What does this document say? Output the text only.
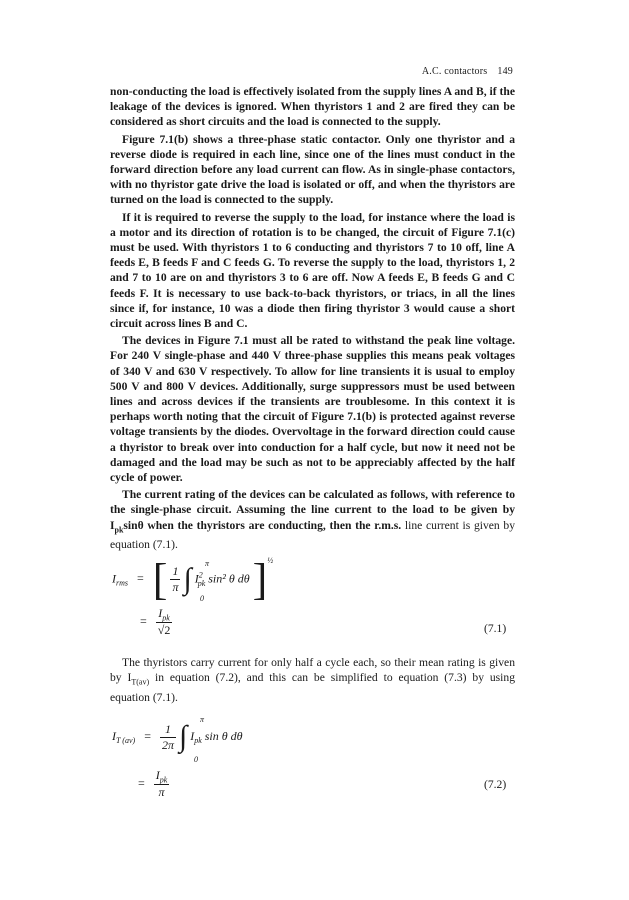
A.C. contactors 149

non-conducting the load is effectively isolated from the supply lines A and B, if the leakage of the devices is ignored. When thyristors 1 and 2 are fired they can be considered as short circuits and the load is connected to the supply.

Figure 7.1(b) shows a three-phase static contactor. Only one thyristor and a reverse diode is required in each line, since one of the lines must conduct in the forward direction before any load current can flow. As in single-phase contactors, with no thyristor gate drive the load is isolated or off, and when the thyristors are turned on the load is connected to the supply.

If it is required to reverse the supply to the load, for instance where the load is a motor and its direction of rotation is to be changed, the circuit of Figure 7.1(c) must be used. With thyristors 1 to 6 conducting and thyristors 7 to 10 off, line A feeds E, B feeds F and C feeds G. To reverse the supply to the load, thyristors 1, 2 and 7 to 10 are on and thyristors 3 to 6 are off. Now A feeds E, B feeds G and C feeds F. It is necessary to use back-to-back thyristors, or triacs, in all the lines since if, for instance, 10 was a diode then firing thyristor 3 would cause a short circuit across lines B and C.

The devices in Figure 7.1 must all be rated to withstand the peak line voltage. For 240 V single-phase and 440 V three-phase supplies this means peak voltages of 340 V and 630 V respectively. To allow for line transients it is usual to employ 500 V and 800 V devices. Additionally, surge suppressors must be used between lines and across devices if the transients are troublesome. In this context it is perhaps worth noting that the circuit of Figure 7.1(b) is protected against reverse voltage transients by the diodes. Overvoltage in the forward direction could cause a thyristor to break over into conduction for a half cycle, but now it need not be damaged and the load may be such as not to be appreciably affected by the half cycle of power.

The current rating of the devices can be calculated as follows, with reference to the single-phase circuit. Assuming the line current to the load to be given by $I_{pk}\sin\theta$ when the thyristors are conducting, then the r.m.s. line current is given by equation (7.1).

$I_{rms}$ = [ $\frac{1}{\pi}$ ∫ $I^2_{pk}$ sin² θ dθ ]$^{\frac{1}{2}}$
π
0
= $\frac{I_{pk}}{√2}$	(7.1)

The thyristors carry current for only half a cycle each, so their mean rating is given by $I_{T(av)}$ in equation (7.2), and this can be simplified to equation (7.3) by using equation (7.1).

$I_{T (av)} = \frac{1}{2\pi}$ ∫ $I_{pk}$ sin θ dθ
π
0
= $\frac{I_{pk}}{\pi}$	(7.2)
